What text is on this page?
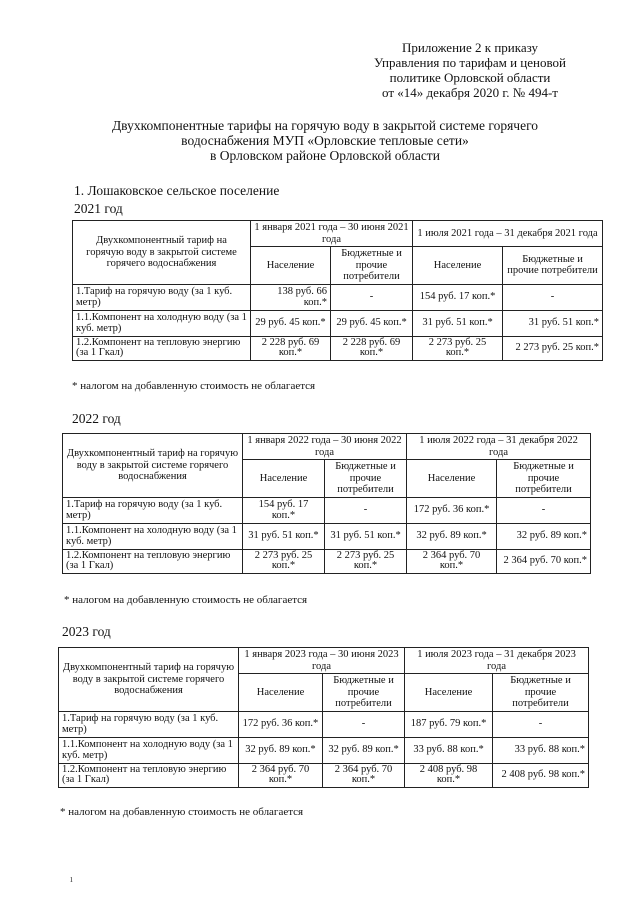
Приложение 2 к приказу
Управления по тарифам и ценовой
политике Орловской области
от «14» декабря 2020 г. № 494-т
Двухкомпонентные тарифы на горячую воду в закрытой системе горячего
водоснабжения МУП «Орловские тепловые сети»
в Орловском районе Орловской области
1. Лошаковское сельское поселение
2021 год
Двухкомпонентный тариф на горячую воду в закрытой системе горячего водоснабжения	1 января 2021 года – 30 июня 2021 года		1 июля 2021 года – 31 декабря 2021 года	
	Население	Бюджетные и прочие потребители	Население	Бюджетные и прочие потребители
1.Тариф на горячую воду (за 1 куб. метр)	138 руб. 66 коп.*	-	154 руб. 17 коп.*	-
1.1.Компонент на холодную воду (за 1 куб. метр)	29 руб. 45 коп.*	29 руб. 45 коп.*	31 руб. 51 коп.*	31 руб. 51 коп.*
1.2.Компонент на тепловую энергию (за 1 Гкал)	2 228 руб. 69 коп.*	2 228 руб. 69 коп.*	2 273 руб. 25 коп.*	2 273 руб. 25 коп.*
* налогом на добавленную стоимость не облагается
2022 год
Двухкомпонентный тариф на горячую воду в закрытой системе горячего водоснабжения	1 января 2022 года – 30 июня 2022 года		1 июля 2022 года – 31 декабря 2022 года	
	Население	Бюджетные и прочие потребители	Население	Бюджетные и прочие потребители
1.Тариф на горячую воду (за 1 куб. метр)	154 руб. 17 коп.*	-	172 руб. 36 коп.*	-
1.1.Компонент на холодную воду (за 1 куб. метр)	31 руб. 51 коп.*	31 руб. 51 коп.*	32 руб. 89 коп.*	32 руб. 89 коп.*
1.2.Компонент на тепловую энергию (за 1 Гкал)	2 273 руб. 25 коп.*	2 273 руб. 25 коп.*	2 364 руб. 70 коп.*	2 364 руб. 70 коп.*
* налогом на добавленную стоимость не облагается
2023 год
Двухкомпонентный тариф на горячую воду в закрытой системе горячего водоснабжения	1 января 2023 года – 30 июня 2023 года		1 июля 2023 года – 31 декабря 2023 года	
	Население	Бюджетные и прочие потребители	Население	Бюджетные и прочие потребители
1.Тариф на горячую воду (за 1 куб. метр)	172 руб. 36 коп.*	-	187 руб. 79 коп.*	-
1.1.Компонент на холодную воду (за 1 куб. метр)	32 руб. 89 коп.*	32 руб. 89 коп.*	33 руб. 88 коп.*	33 руб. 88 коп.*
1.2.Компонент на тепловую энергию (за 1 Гкал)	2 364 руб. 70 коп.*	2 364 руб. 70 коп.*	2 408 руб. 98 коп.*	2 408 руб. 98 коп.*
* налогом на добавленную стоимость не облагается
ı
